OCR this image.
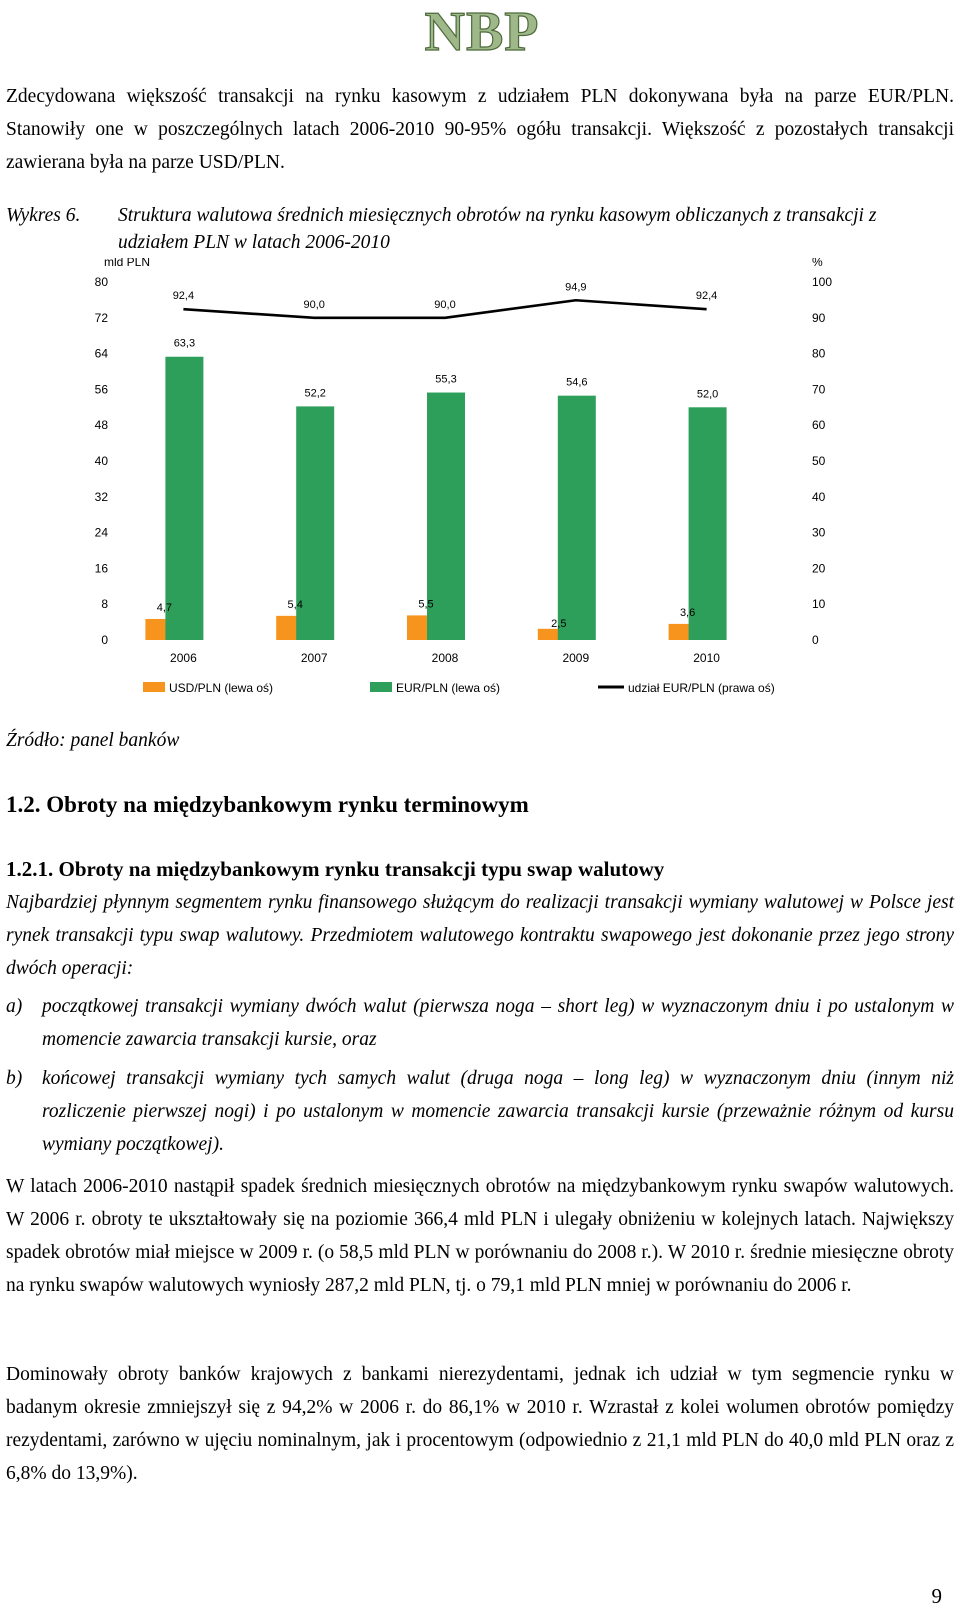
NBP

Zdecydowana większość transakcji na rynku kasowym z udziałem PLN dokonywana była na parze EUR/PLN. Stanowiły one w poszczególnych latach 2006-2010 90-95% ogółu transakcji. Większość z pozostałych transakcji zawierana była na parze USD/PLN.

Wykres 6. Struktura walutowa średnich miesięcznych obrotów na rynku kasowym obliczanych z transakcji z udziałem PLN w latach 2006-2010
mld PLN	%
0
8
16
24
32
40
48
56
64
72
80
0
10
20
30
40
50
60
70
80
90
100
4,7
63,3
5,4
52,2
5,5
55,3
2,5
54,6
3,6
52,0
92,4
90,0	90,0
94,9
92,4
2006	2007	2008	2009	2010
USD/PLN (lewa oś)	EUR/PLN (lewa oś)	udział EUR/PLN (prawa oś)
Źródło: panel banków
1.2. Obroty na międzybankowym rynku terminowym
1.2.1. Obroty na międzybankowym rynku transakcji typu swap walutowy

Najbardziej płynnym segmentem rynku finansowego służącym do realizacji transakcji wymiany walutowej w Polsce jest rynek transakcji typu swap walutowy. Przedmiotem walutowego kontraktu swapowego jest dokonanie przez jego strony dwóch operacji:

a) początkowej transakcji wymiany dwóch walut (pierwsza noga – short leg) w wyznaczonym dniu i po ustalonym w momencie zawarcia transakcji kursie, oraz
b) końcowej transakcji wymiany tych samych walut (druga noga – long leg) w wyznaczonym dniu (innym niż rozliczenie pierwszej nogi) i po ustalonym w momencie zawarcia transakcji kursie (przeważnie różnym od kursu wymiany początkowej).

W latach 2006-2010 nastąpił spadek średnich miesięcznych obrotów na międzybankowym rynku swapów walutowych. W 2006 r. obroty te ukształtowały się na poziomie 366,4 mld PLN i ulegały obniżeniu w kolejnych latach. Największy spadek obrotów miał miejsce w 2009 r. (o 58,5 mld PLN w porównaniu do 2008 r.). W 2010 r. średnie miesięczne obroty na rynku swapów walutowych wyniosły 287,2 mld PLN, tj. o 79,1 mld PLN mniej w porównaniu do 2006 r.

Dominowały obroty banków krajowych z bankami nierezydentami, jednak ich udział w tym segmencie rynku w badanym okresie zmniejszył się z 94,2% w 2006 r. do 86,1% w 2010 r. Wzrastał z kolei wolumen obrotów pomiędzy rezydentami, zarówno w ujęciu nominalnym, jak i procentowym (odpowiednio z 21,1 mld PLN do 40,0 mld PLN oraz z 6,8% do 13,9%).

9
